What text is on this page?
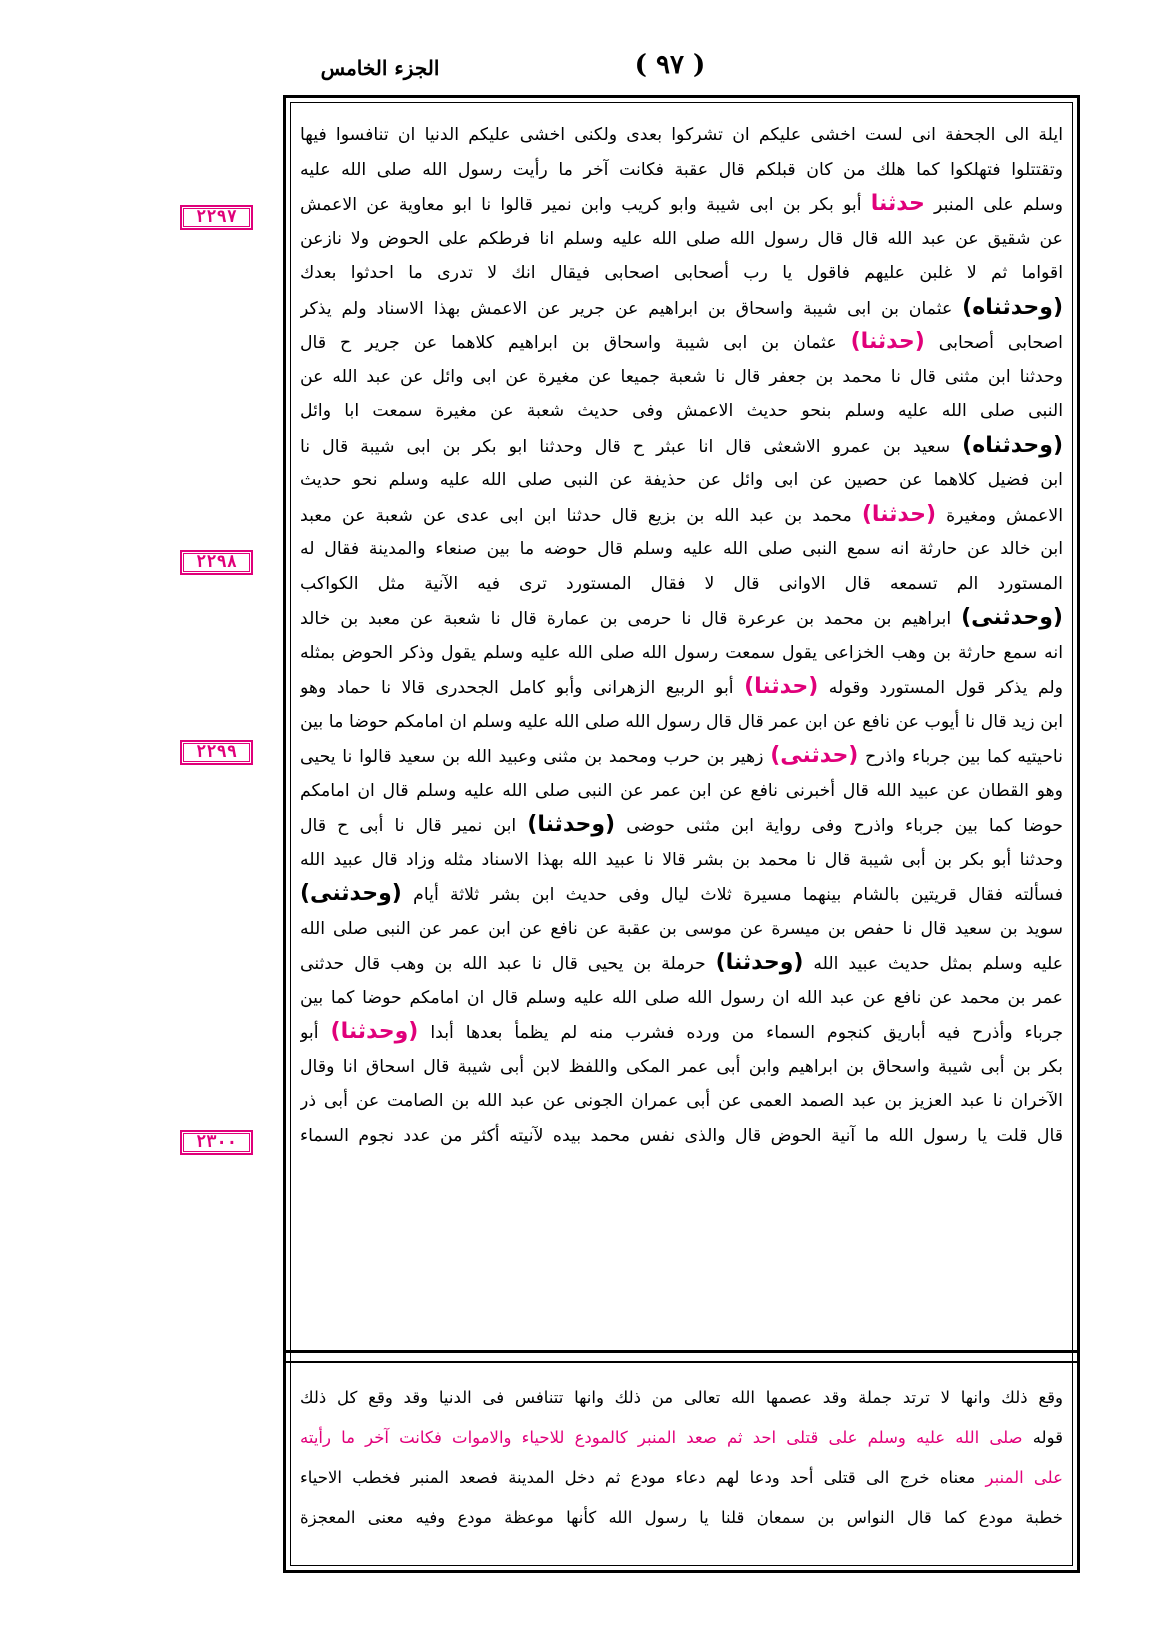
الجزء الخامس	( ٩٧ )
٢٢٩٧
٢٢٩٨
٢٢٩٩
٢٣٠٠
ايلة الى الجحفة انى لست اخشى عليكم ان تشركوا بعدى ولكنى اخشى عليكم الدنيا ان تنافسوا فيها
وتقتتلوا فتهلكوا كما هلك من كان قبلكم قال عقبة فكانت آخر ما رأيت رسول الله صلى الله عليه
وسلم على المنبر حدثنا أبو بكر بن ابى شيبة وابو كريب وابن نمير قالوا نا ابو معاوية عن الاعمش
عن شقيق عن عبد الله قال قال رسول الله صلى الله عليه وسلم انا فرطكم على الحوض ولا نازعن
اقواما ثم لا غلبن عليهم فاقول يا رب أصحابى اصحابى فيقال انك لا تدرى ما احدثوا بعدك
(وحدثناه) عثمان بن ابى شيبة واسحاق بن ابراهيم عن جرير عن الاعمش بهذا الاسناد ولم يذكر
اصحابى أصحابى (حدثنا) عثمان بن ابى شيبة واسحاق بن ابراهيم كلاهما عن جرير ح قال
وحدثنا ابن مثنى قال نا محمد بن جعفر قال نا شعبة جميعا عن مغيرة عن ابى وائل عن عبد الله عن
النبى صلى الله عليه وسلم بنحو حديث الاعمش وفى حديث شعبة عن مغيرة سمعت ابا وائل
(وحدثناه) سعيد بن عمرو الاشعثى قال انا عبثر ح قال وحدثنا ابو بكر بن ابى شيبة قال نا
ابن فضيل كلاهما عن حصين عن ابى وائل عن حذيفة عن النبى صلى الله عليه وسلم نحو حديث
الاعمش ومغيرة (حدثنا) محمد بن عبد الله بن بزيع قال حدثنا ابن ابى عدى عن شعبة عن معبد
ابن خالد عن حارثة انه سمع النبى صلى الله عليه وسلم قال حوضه ما بين صنعاء والمدينة فقال له
المستورد الم تسمعه قال الاوانى قال لا فقال المستورد ترى فيه الآنية مثل الكواكب
(وحدثنى) ابراهيم بن محمد بن عرعرة قال نا حرمى بن عمارة قال نا شعبة عن معبد بن خالد
انه سمع حارثة بن وهب الخزاعى يقول سمعت رسول الله صلى الله عليه وسلم يقول وذكر الحوض بمثله
ولم يذكر قول المستورد وقوله (حدثنا) أبو الربيع الزهرانى وأبو كامل الجحدرى قالا نا حماد وهو
ابن زيد قال نا أيوب عن نافع عن ابن عمر قال قال رسول الله صلى الله عليه وسلم ان امامكم حوضا ما بين
ناحيتيه كما بين جرباء واذرح (حدثنى) زهير بن حرب ومحمد بن مثنى وعبيد الله بن سعيد قالوا نا يحيى
وهو القطان عن عبيد الله قال أخبرنى نافع عن ابن عمر عن النبى صلى الله عليه وسلم قال ان امامكم
حوضا كما بين جرباء واذرح وفى رواية ابن مثنى حوضى (وحدثنا) ابن نمير قال نا أبى ح قال
وحدثنا أبو بكر بن أبى شيبة قال نا محمد بن بشر قالا نا عبيد الله بهذا الاسناد مثله وزاد قال عبيد الله
فسألته فقال قريتين بالشام بينهما مسيرة ثلاث ليال وفى حديث ابن بشر ثلاثة أيام (وحدثنى)
سويد بن سعيد قال نا حفص بن ميسرة عن موسى بن عقبة عن نافع عن ابن عمر عن النبى صلى الله
عليه وسلم بمثل حديث عبيد الله (وحدثنا) حرملة بن يحيى قال نا عبد الله بن وهب قال حدثنى
عمر بن محمد عن نافع عن عبد الله ان رسول الله صلى الله عليه وسلم قال ان امامكم حوضا كما بين
جرباء وأذرح فيه أباريق كنجوم السماء من ورده فشرب منه لم يظمأ بعدها أبدا (وحدثنا) أبو
بكر بن أبى شيبة واسحاق بن ابراهيم وابن أبى عمر المكى واللفظ لابن أبى شيبة قال اسحاق انا وقال
الآخران نا عبد العزيز بن عبد الصمد العمى عن أبى عمران الجونى عن عبد الله بن الصامت عن أبى ذر
قال قلت يا رسول الله ما آنية الحوض قال والذى نفس محمد بيده لآنيته أكثر من عدد نجوم السماء
وقع ذلك وانها لا ترتد جملة وقد عصمها الله تعالى من ذلك وانها تتنافس فى الدنيا وقد وقع كل ذلك
قوله صلى الله عليه وسلم على قتلى احد ثم صعد المنبر كالمودع للاحياء والاموات فكانت آخر ما رأيته
على المنبر معناه خرج الى قتلى أحد ودعا لهم دعاء مودع ثم دخل المدينة فصعد المنبر فخطب الاحياء
خطبة مودع كما قال النواس بن سمعان قلنا يا رسول الله كأنها موعظة مودع وفيه معنى المعجزة
